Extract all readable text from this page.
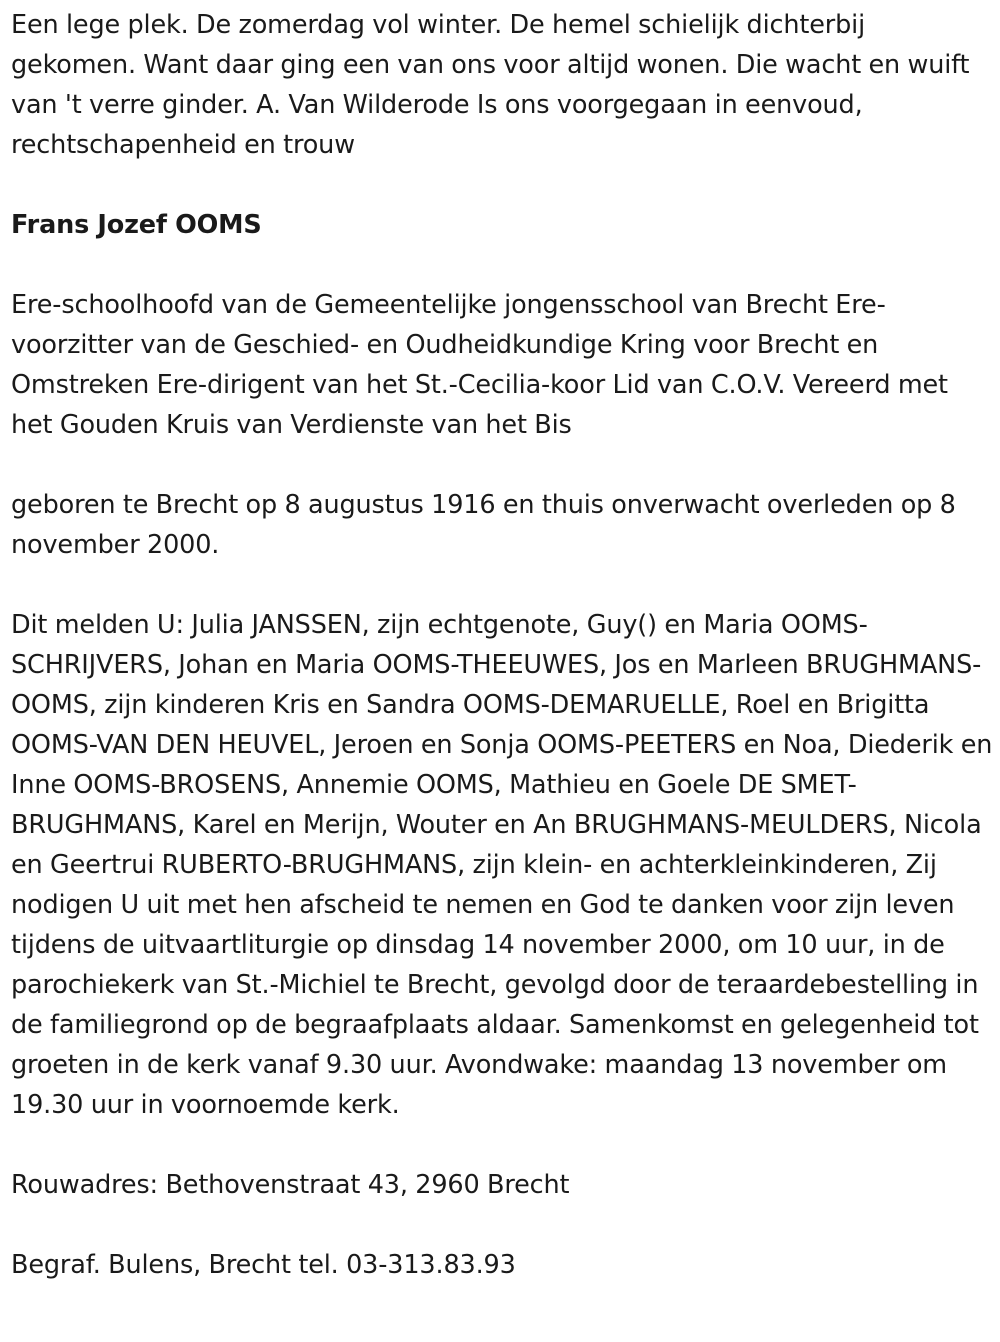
Een lege plek. De zomerdag vol winter. De hemel schielijk dichterbij gekomen. Want daar ging een van ons voor altijd wonen. Die wacht en wuift van 't verre ginder. A. Van Wilderode Is ons voorgegaan in eenvoud, rechtschapenheid en trouw

Frans Jozef OOMS

Ere-schoolhoofd van de Gemeentelijke jongensschool van Brecht Ere-voorzitter van de Geschied- en Oudheidkundige Kring voor Brecht en Omstreken Ere-dirigent van het St.-Cecilia-koor Lid van C.O.V. Vereerd met het Gouden Kruis van Verdienste van het Bis

geboren te Brecht op 8 augustus 1916 en thuis onverwacht overleden op 8 november 2000.

Dit melden U: Julia JANSSEN, zijn echtgenote, Guy() en Maria OOMS-SCHRIJVERS, Johan en Maria OOMS-THEEUWES, Jos en Marleen BRUGHMANS-OOMS, zijn kinderen Kris en Sandra OOMS-DEMARUELLE, Roel en Brigitta OOMS-VAN DEN HEUVEL, Jeroen en Sonja OOMS-PEETERS en Noa, Diederik en Inne OOMS-BROSENS, Annemie OOMS, Mathieu en Goele DE SMET-BRUGHMANS, Karel en Merijn, Wouter en An BRUGHMANS-MEULDERS, Nicola en Geertrui RUBERTO-BRUGHMANS, zijn klein- en achterkleinkinderen, Zij nodigen U uit met hen afscheid te nemen en God te danken voor zijn leven tijdens de uitvaartliturgie op dinsdag 14 november 2000, om 10 uur, in de parochiekerk van St.-Michiel te Brecht, gevolgd door de teraardebestelling in de familiegrond op de begraafplaats aldaar. Samenkomst en gelegenheid tot groeten in de kerk vanaf 9.30 uur. Avondwake: maandag 13 november om 19.30 uur in voornoemde kerk.

Rouwadres: Bethovenstraat 43, 2960 Brecht

Begraf. Bulens, Brecht tel. 03-313.83.93
